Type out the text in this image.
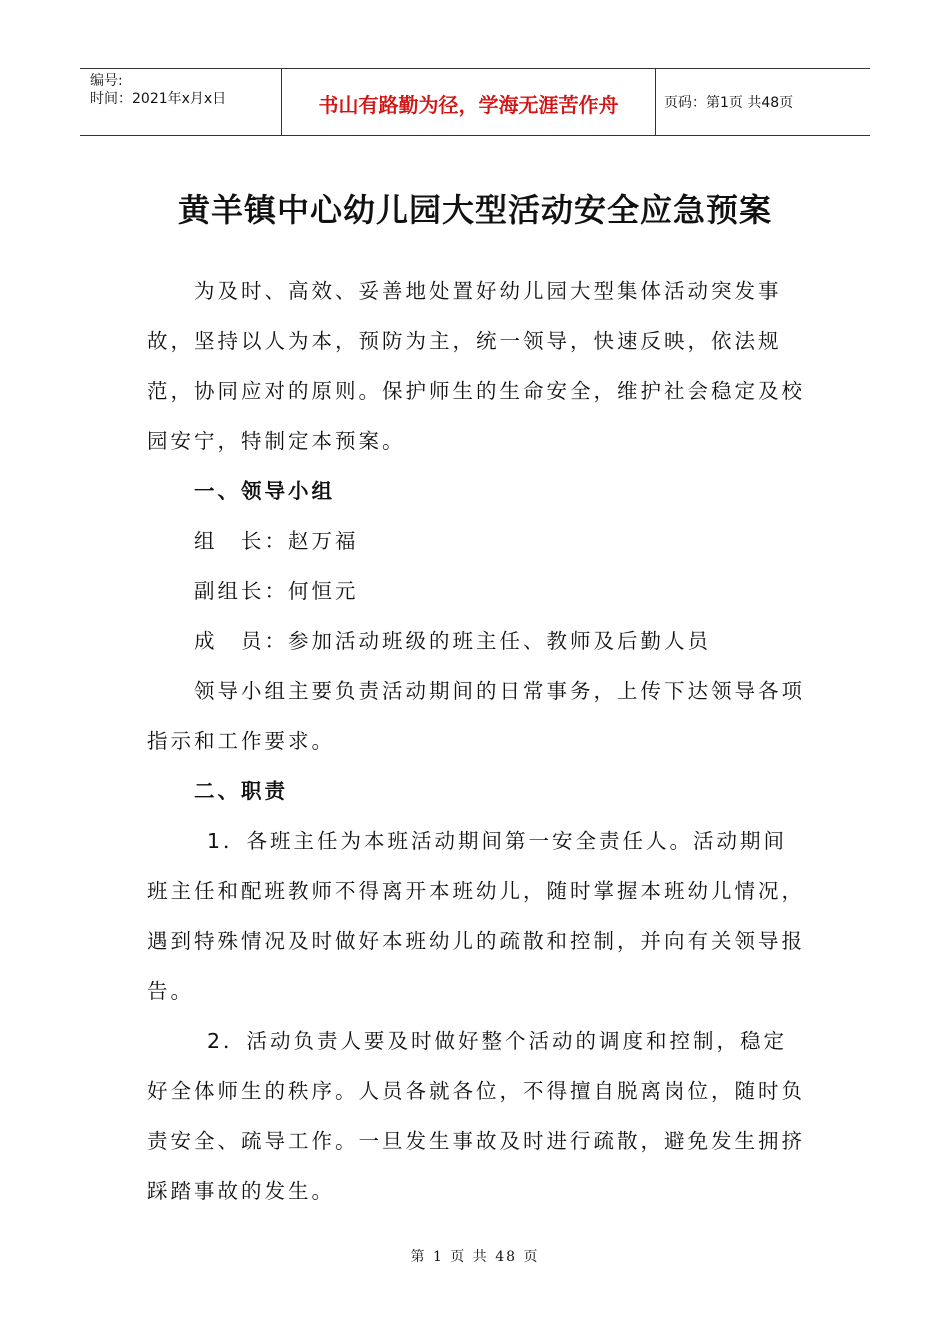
编号:
时间：2021年x月x日	书山有路勤为径，学海无涯苦作舟	页码：第1页 共48页
黄羊镇中心幼儿园大型活动安全应急预案

为及时、高效、妥善地处置好幼儿园大型集体活动突发事故，坚持以人为本，预防为主，统一领导，快速反映，依法规范，协同应对的原则。保护师生的生命安全，维护社会稳定及校园安宁，特制定本预案。

一、领导小组

组　长：赵万福

副组长：何恒元

成　员：参加活动班级的班主任、教师及后勤人员

领导小组主要负责活动期间的日常事务，上传下达领导各项指示和工作要求。

二、职责

1．各班主任为本班活动期间第一安全责任人。活动期间班主任和配班教师不得离开本班幼儿，随时掌握本班幼儿情况，遇到特殊情况及时做好本班幼儿的疏散和控制，并向有关领导报告。

2．活动负责人要及时做好整个活动的调度和控制，稳定好全体师生的秩序。人员各就各位，不得擅自脱离岗位，随时负责安全、疏导工作。一旦发生事故及时进行疏散，避免发生拥挤踩踏事故的发生。

第 1 页 共 48 页
